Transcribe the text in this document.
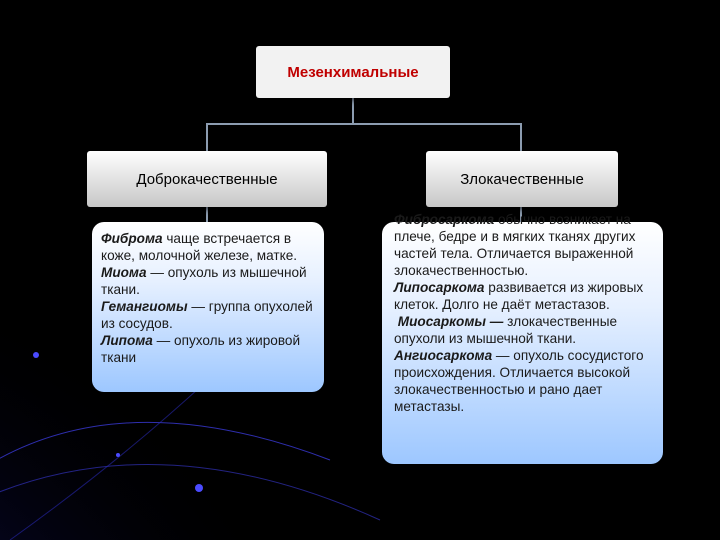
Мезенхимальные
Доброкачественные	Злокачественные
Фиброма чаще встречается в коже, молочной железе, матке.
Миома — опухоль из мышечной ткани.
Гемангиомы — группа опухолей из сосудов.
Липома — опухоль из жировой ткани
Фибросаркома обычно возникает на плече, бедре и в мягких тканях других частей тела. Отличается выраженной злокачественностью.
Липосаркома развивается из жировых клеток. Долго не даёт метастазов.
Миосаркомы — злокачественные опухоли из мышечной ткани.
Ангиосаркома — опухоль сосудистого происхождения. Отличается высокой злокачественностью и рано дает метастазы.
